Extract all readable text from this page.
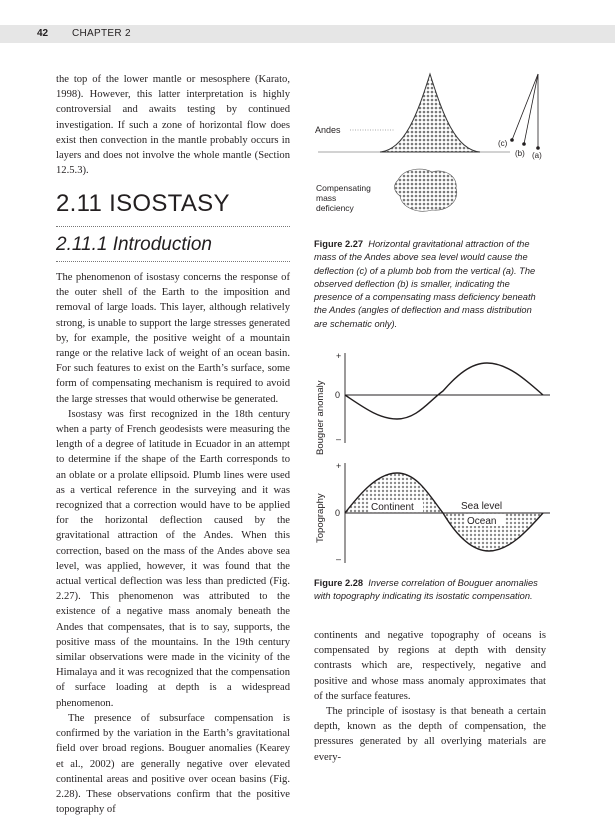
42 CHAPTER 2

the top of the lower mantle or mesosphere (Karato, 1998). However, this latter interpretation is highly controversial and awaits testing by continued investigation. If such a zone of horizontal flow does exist then convection in the mantle probably occurs in layers and does not involve the whole mantle (Section 12.5.3).

2.11 ISOSTASY
2.11.1 Introduction

The phenomenon of isostasy concerns the response of the outer shell of the Earth to the imposition and removal of large loads. This layer, although relatively strong, is unable to support the large stresses generated by, for example, the positive weight of a mountain range or the relative lack of weight of an ocean basin. For such features to exist on the Earth’s surface, some form of compensating mechanism is required to avoid the large stresses that would otherwise be generated.

Isostasy was first recognized in the 18th century when a party of French geodesists were measuring the length of a degree of latitude in Ecuador in an attempt to determine if the shape of the Earth corresponds to an oblate or a prolate ellipsoid. Plumb lines were used as a vertical reference in the surveying and it was recognized that a correction would have to be applied for the horizontal deflection caused by the gravitational attraction of the Andes. When this correction, based on the mass of the Andes above sea level, was applied, however, it was found that the actual vertical deflection was less than predicted (Fig. 2.27). This phenomenon was attributed to the existence of a negative mass anomaly beneath the Andes that compensates, that is to say, supports, the positive mass of the mountains. In the 19th century similar observations were made in the vicinity of the Himalaya and it was recognized that the compensation of surface loading at depth is a widespread phenomenon.

The presence of subsurface compensation is confirmed by the variation in the Earth’s gravitational field over broad regions. Bouguer anomalies (Kearey et al., 2002) are generally negative over elevated continental areas and positive over ocean basins (Fig. 2.28). These observations confirm that the positive topography of

Andes
(c)
(b) (a)
Compensating
mass
deficiency
Figure 2.27 Horizontal gravitational attraction of the mass of the Andes above sea level would cause the deflection (c) of a plumb bob from the vertical (a). The observed deflection (b) is smaller, indicating the presence of a compensating mass deficiency beneath the Andes (angles of deflection and mass distribution are schematic only).
Bouguer anomaly
+
0
–
Topography
+
0
–
Continent	Sea level
Ocean
Figure 2.28 Inverse correlation of Bouguer anomalies with topography indicating its isostatic compensation.

continents and negative topography of oceans is compensated by regions at depth with density contrasts which are, respectively, negative and positive and whose mass anomaly approximates that of the surface features.

The principle of isostasy is that beneath a certain depth, known as the depth of compensation, the pressures generated by all overlying materials are every-
